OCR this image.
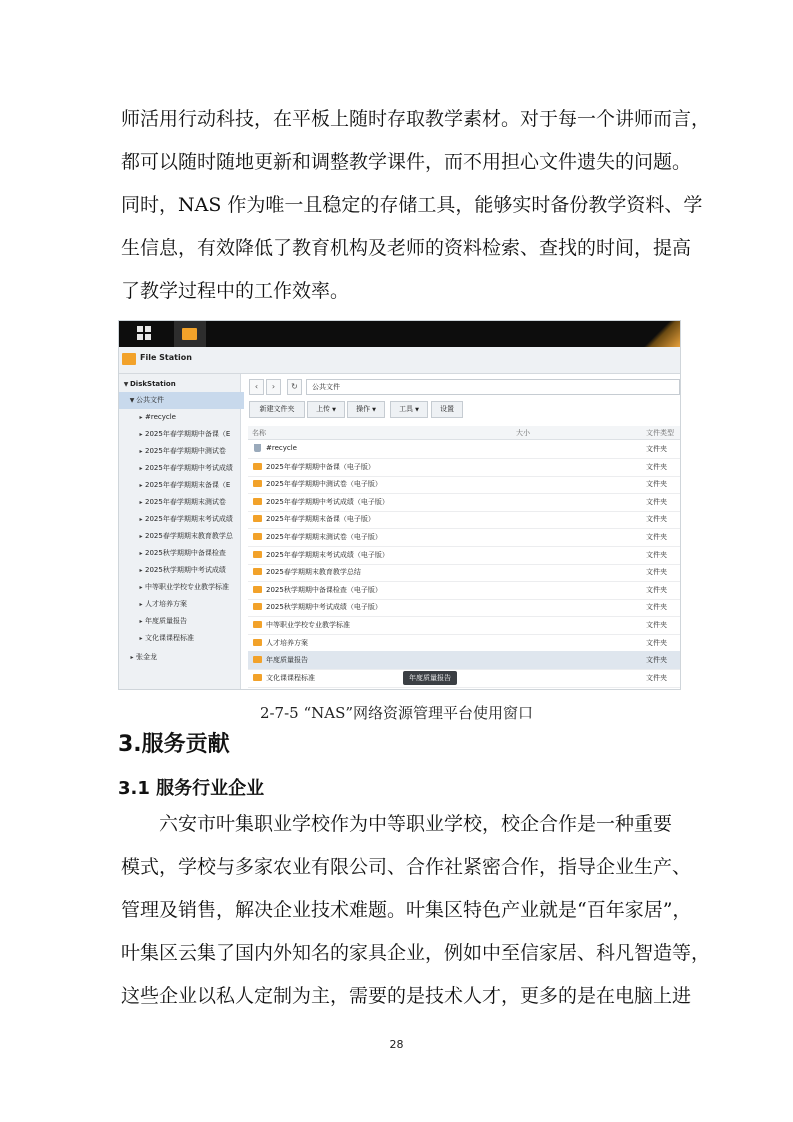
师活用行动科技，在平板上随时存取教学素材。对于每一个讲师而言，
都可以随时随地更新和调整教学课件，而不用担心文件遗失的问题。
同时，NAS 作为唯一且稳定的存储工具，能够实时备份教学资料、学
生信息，有效降低了教育机构及老师的资料检索、查找的时间，提高
了教学过程中的工作效率。
File Station
▼ DiskStation
▼ 公共文件
▸ #recycle
▸ 2025年春学期期中备课（E
▸ 2025年春学期期中测试卷
▸ 2025年春学期期中考试成绩
▸ 2025年春学期期末备课（E
▸ 2025年春学期期末测试卷
▸ 2025年春学期期末考试成绩
▸ 2025春学期期末教育教学总
▸ 2025秋学期期中备课检查
▸ 2025秋学期期中考试成绩
▸ 中等职业学校专业教学标准
▸ 人才培养方案
▸ 年度质量报告
▸ 文化课课程标准
▸ 张金龙
‹	›	↻	公共文件
新建文件夹	上传 ▼	操作 ▼	工具 ▼	设置
名称	大小	文件类型
#recycle	文件夹
2025年春学期期中备课（电子版）	文件夹
2025年春学期期中测试卷（电子版）	文件夹
2025年春学期期中考试成绩（电子版）	文件夹
2025年春学期期末备课（电子版）	文件夹
2025年春学期期末测试卷（电子版）	文件夹
2025年春学期期末考试成绩（电子版）	文件夹
2025春学期期末教育教学总结	文件夹
2025秋学期期中备课检查（电子版）	文件夹
2025秋学期期中考试成绩（电子版）	文件夹
中等职业学校专业教学标准	文件夹
人才培养方案	文件夹
年度质量报告	文件夹
文化课课程标准	文件夹
年度质量报告
2-7-5 “NAS”网络资源管理平台使用窗口
3.服务贡献
3.1 服务行业企业
六安市叶集职业学校作为中等职业学校，校企合作是一种重要
模式，学校与多家农业有限公司、合作社紧密合作，指导企业生产、
管理及销售，解决企业技术难题。叶集区特色产业就是“百年家居”，
叶集区云集了国内外知名的家具企业，例如中至信家居、科凡智造等，
这些企业以私人定制为主，需要的是技术人才，更多的是在电脑上进
28
